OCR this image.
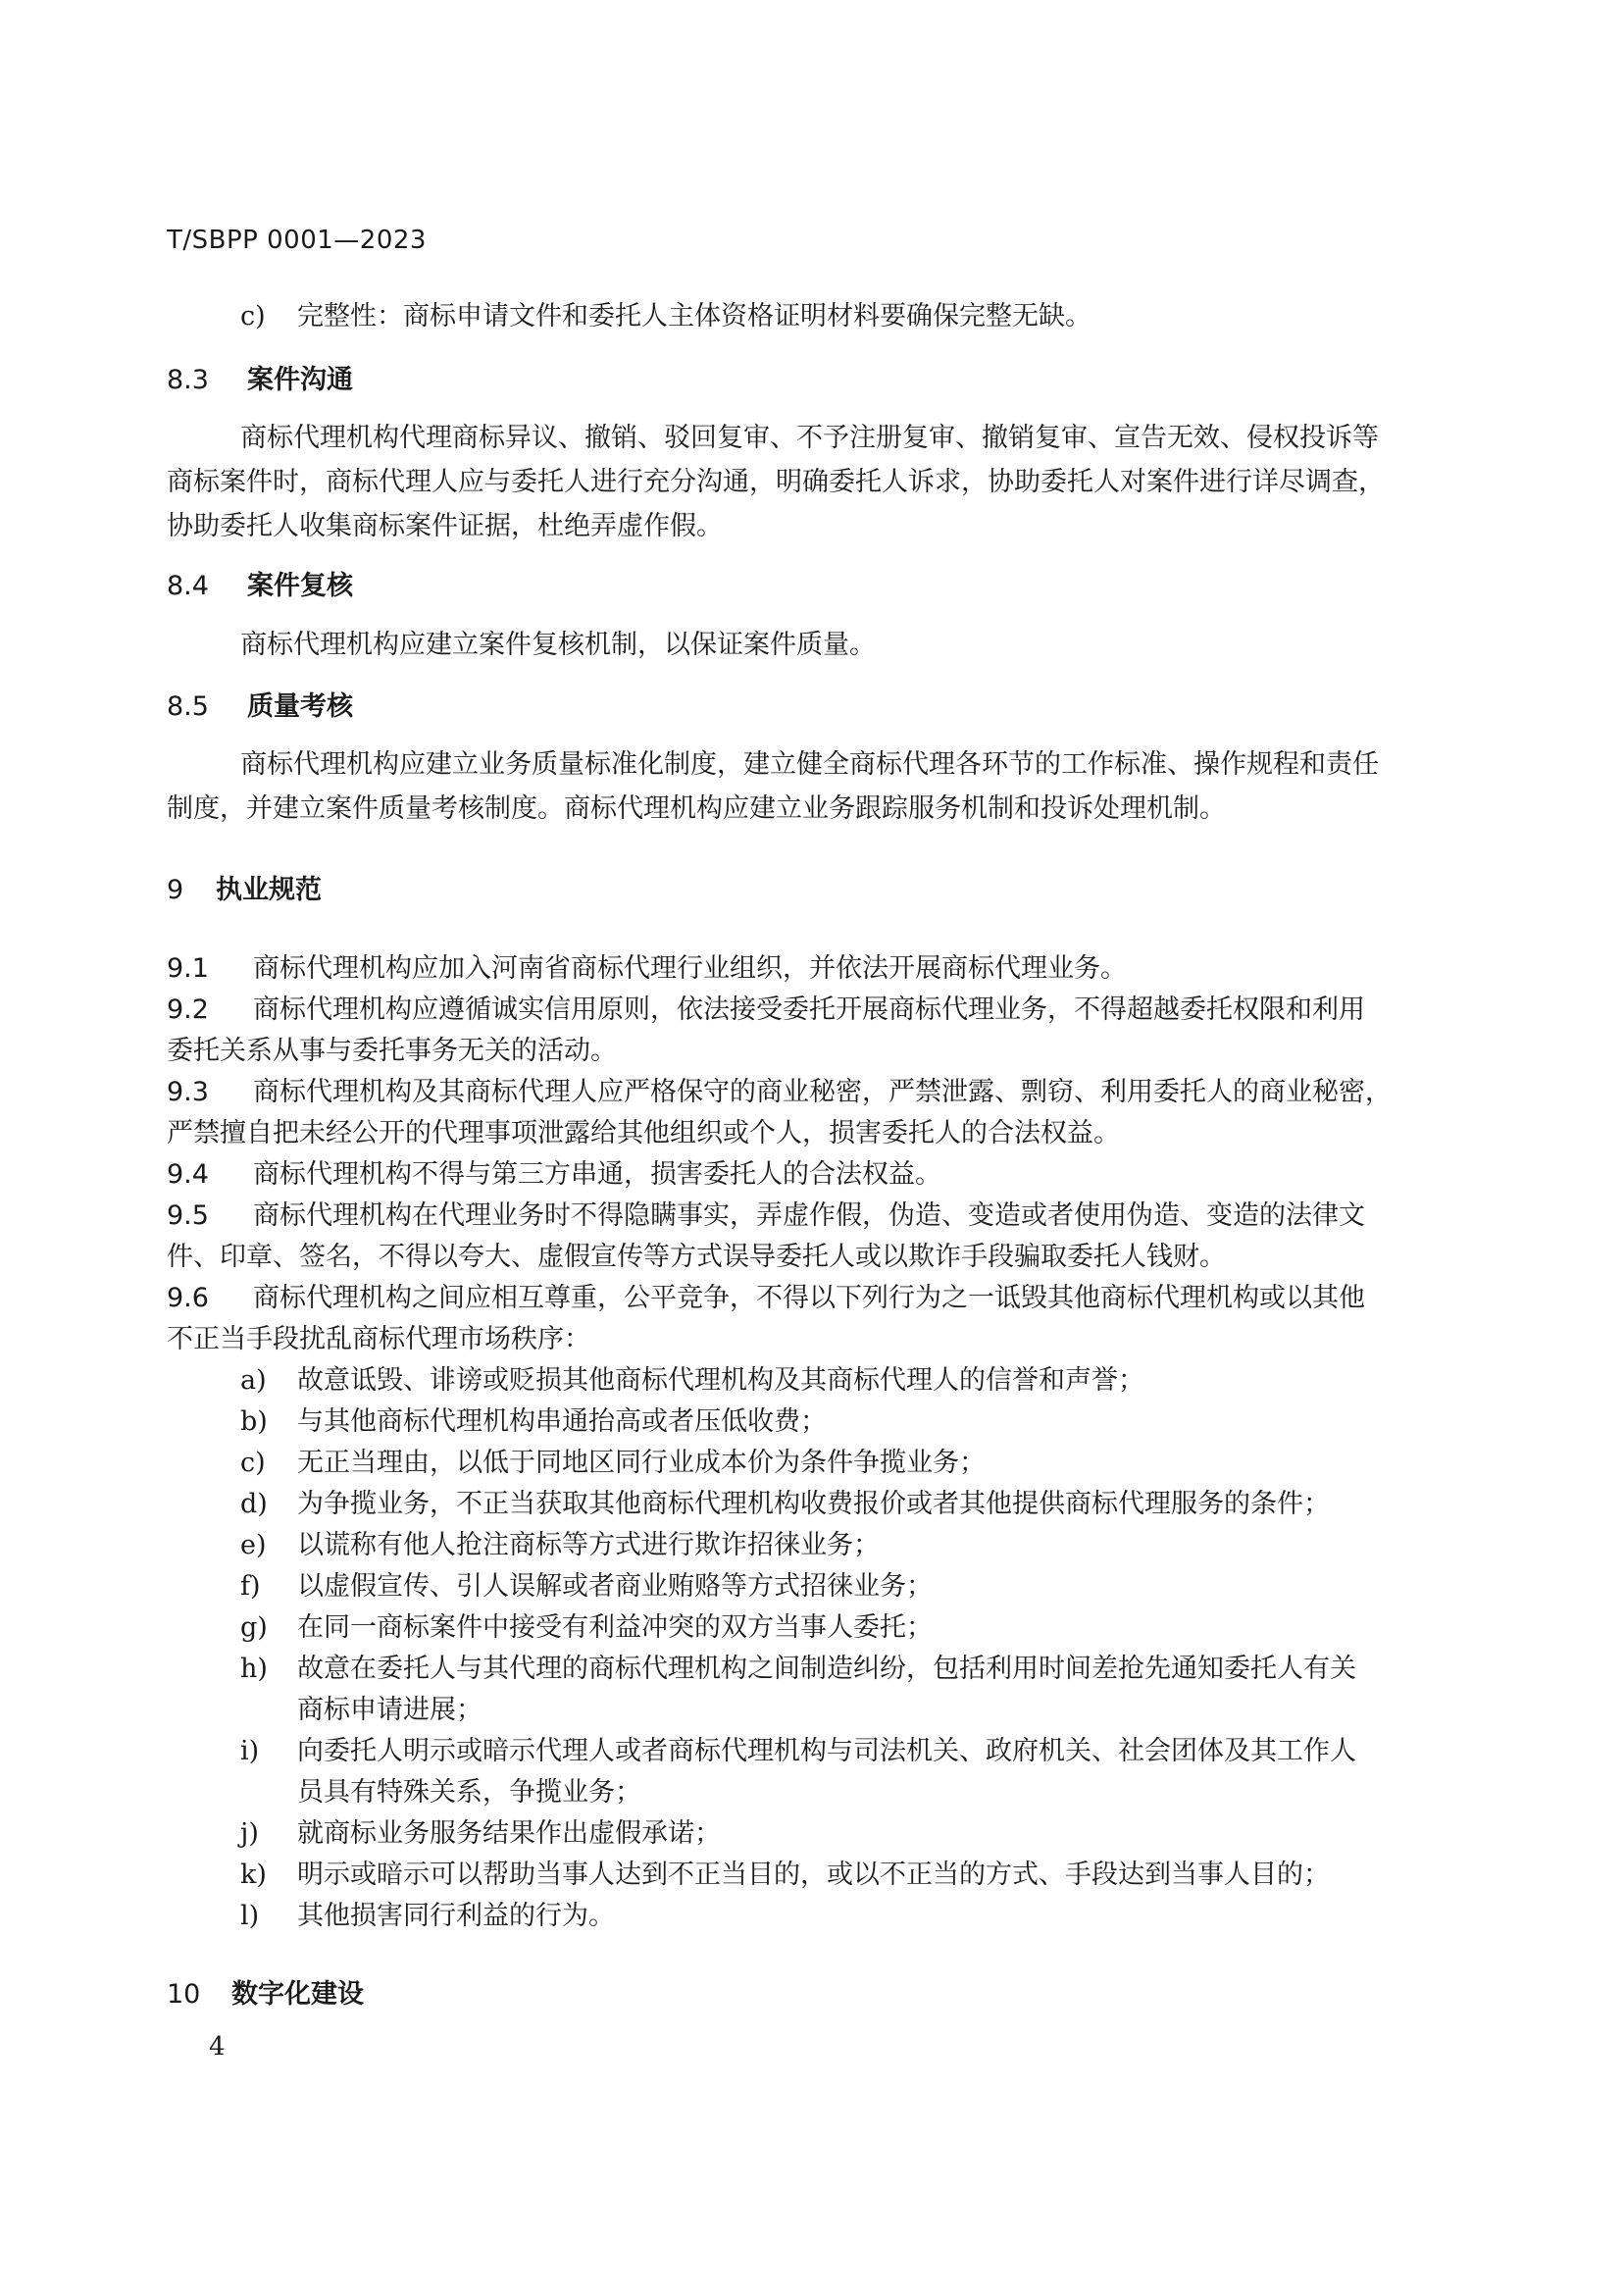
T/SBPP 0001—2023
c) 完整性：商标申请文件和委托人主体资格证明材料要确保完整无缺。
8.3 案件沟通
商标代理机构代理商标异议、撤销、驳回复审、不予注册复审、撤销复审、宣告无效、侵权投诉等
商标案件时，商标代理人应与委托人进行充分沟通，明确委托人诉求，协助委托人对案件进行详尽调查，
协助委托人收集商标案件证据，杜绝弄虚作假。
8.4 案件复核
商标代理机构应建立案件复核机制，以保证案件质量。
8.5 质量考核
商标代理机构应建立业务质量标准化制度，建立健全商标代理各环节的工作标准、操作规程和责任
制度，并建立案件质量考核制度。商标代理机构应建立业务跟踪服务机制和投诉处理机制。
9 执业规范
9.1 商标代理机构应加入河南省商标代理行业组织，并依法开展商标代理业务。
9.2 商标代理机构应遵循诚实信用原则，依法接受委托开展商标代理业务，不得超越委托权限和利用
委托关系从事与委托事务无关的活动。
9.3 商标代理机构及其商标代理人应严格保守的商业秘密，严禁泄露、剽窃、利用委托人的商业秘密，
严禁擅自把未经公开的代理事项泄露给其他组织或个人，损害委托人的合法权益。
9.4 商标代理机构不得与第三方串通，损害委托人的合法权益。
9.5 商标代理机构在代理业务时不得隐瞒事实，弄虚作假，伪造、变造或者使用伪造、变造的法律文
件、印章、签名，不得以夸大、虚假宣传等方式误导委托人或以欺诈手段骗取委托人钱财。
9.6 商标代理机构之间应相互尊重，公平竞争，不得以下列行为之一诋毁其他商标代理机构或以其他
不正当手段扰乱商标代理市场秩序：
a) 故意诋毁、诽谤或贬损其他商标代理机构及其商标代理人的信誉和声誉；
b) 与其他商标代理机构串通抬高或者压低收费；
c) 无正当理由，以低于同地区同行业成本价为条件争揽业务；
d) 为争揽业务，不正当获取其他商标代理机构收费报价或者其他提供商标代理服务的条件；
e) 以谎称有他人抢注商标等方式进行欺诈招徕业务；
f) 以虚假宣传、引人误解或者商业贿赂等方式招徕业务；
g) 在同一商标案件中接受有利益冲突的双方当事人委托；
h) 故意在委托人与其代理的商标代理机构之间制造纠纷，包括利用时间差抢先通知委托人有关
商标申请进展；
i) 向委托人明示或暗示代理人或者商标代理机构与司法机关、政府机关、社会团体及其工作人
员具有特殊关系，争揽业务；
j) 就商标业务服务结果作出虚假承诺；
k) 明示或暗示可以帮助当事人达到不正当目的，或以不正当的方式、手段达到当事人目的；
l) 其他损害同行利益的行为。
10 数字化建设
4
